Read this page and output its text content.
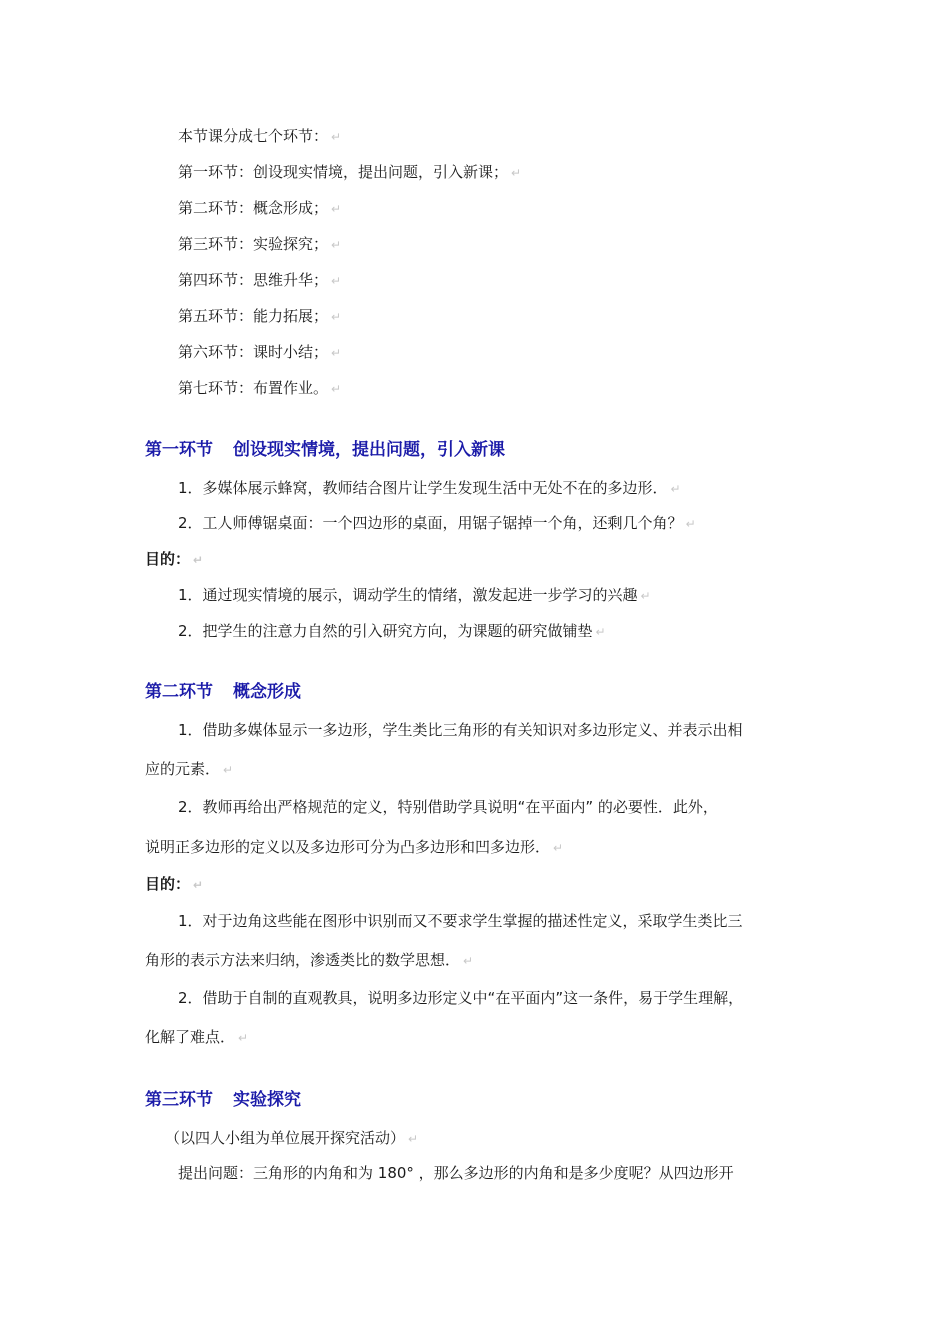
本节课分成七个环节： ↵
第一环节：创设现实情境，提出问题，引入新课； ↵
第二环节：概念形成； ↵
第三环节：实验探究； ↵
第四环节：思维升华； ↵
第五环节：能力拓展； ↵
第六环节：课时小结； ↵
第七环节：布置作业。 ↵
第一环节 创设现实情境，提出问题，引入新课
1．多媒体展示蜂窝，教师结合图片让学生发现生活中无处不在的多边形． ↵
2．工人师傅锯桌面：一个四边形的桌面，用锯子锯掉一个角，还剩几个角？ ↵
目的： ↵
1．通过现实情境的展示，调动学生的情绪，激发起进一步学习的兴趣 ↵
2．把学生的注意力自然的引入研究方向，为课题的研究做铺垫 ↵
第二环节 概念形成
1．借助多媒体显示一多边形，学生类比三角形的有关知识对多边形定义、并表示出相
应的元素． ↵
2．教师再给出严格规范的定义，特别借助学具说明“在平面内” 的必要性．此外，
说明正多边形的定义以及多边形可分为凸多边形和凹多边形． ↵
目的： ↵
1．对于边角这些能在图形中识别而又不要求学生掌握的描述性定义，采取学生类比三
角形的表示方法来归纳，渗透类比的数学思想． ↵
2．借助于自制的直观教具，说明多边形定义中“在平面内”这一条件，易于学生理解，
化解了难点． ↵
第三环节 实验探究
（以四人小组为单位展开探究活动） ↵
提出问题：三角形的内角和为 180° ，那么多边形的内角和是多少度呢？从四边形开
